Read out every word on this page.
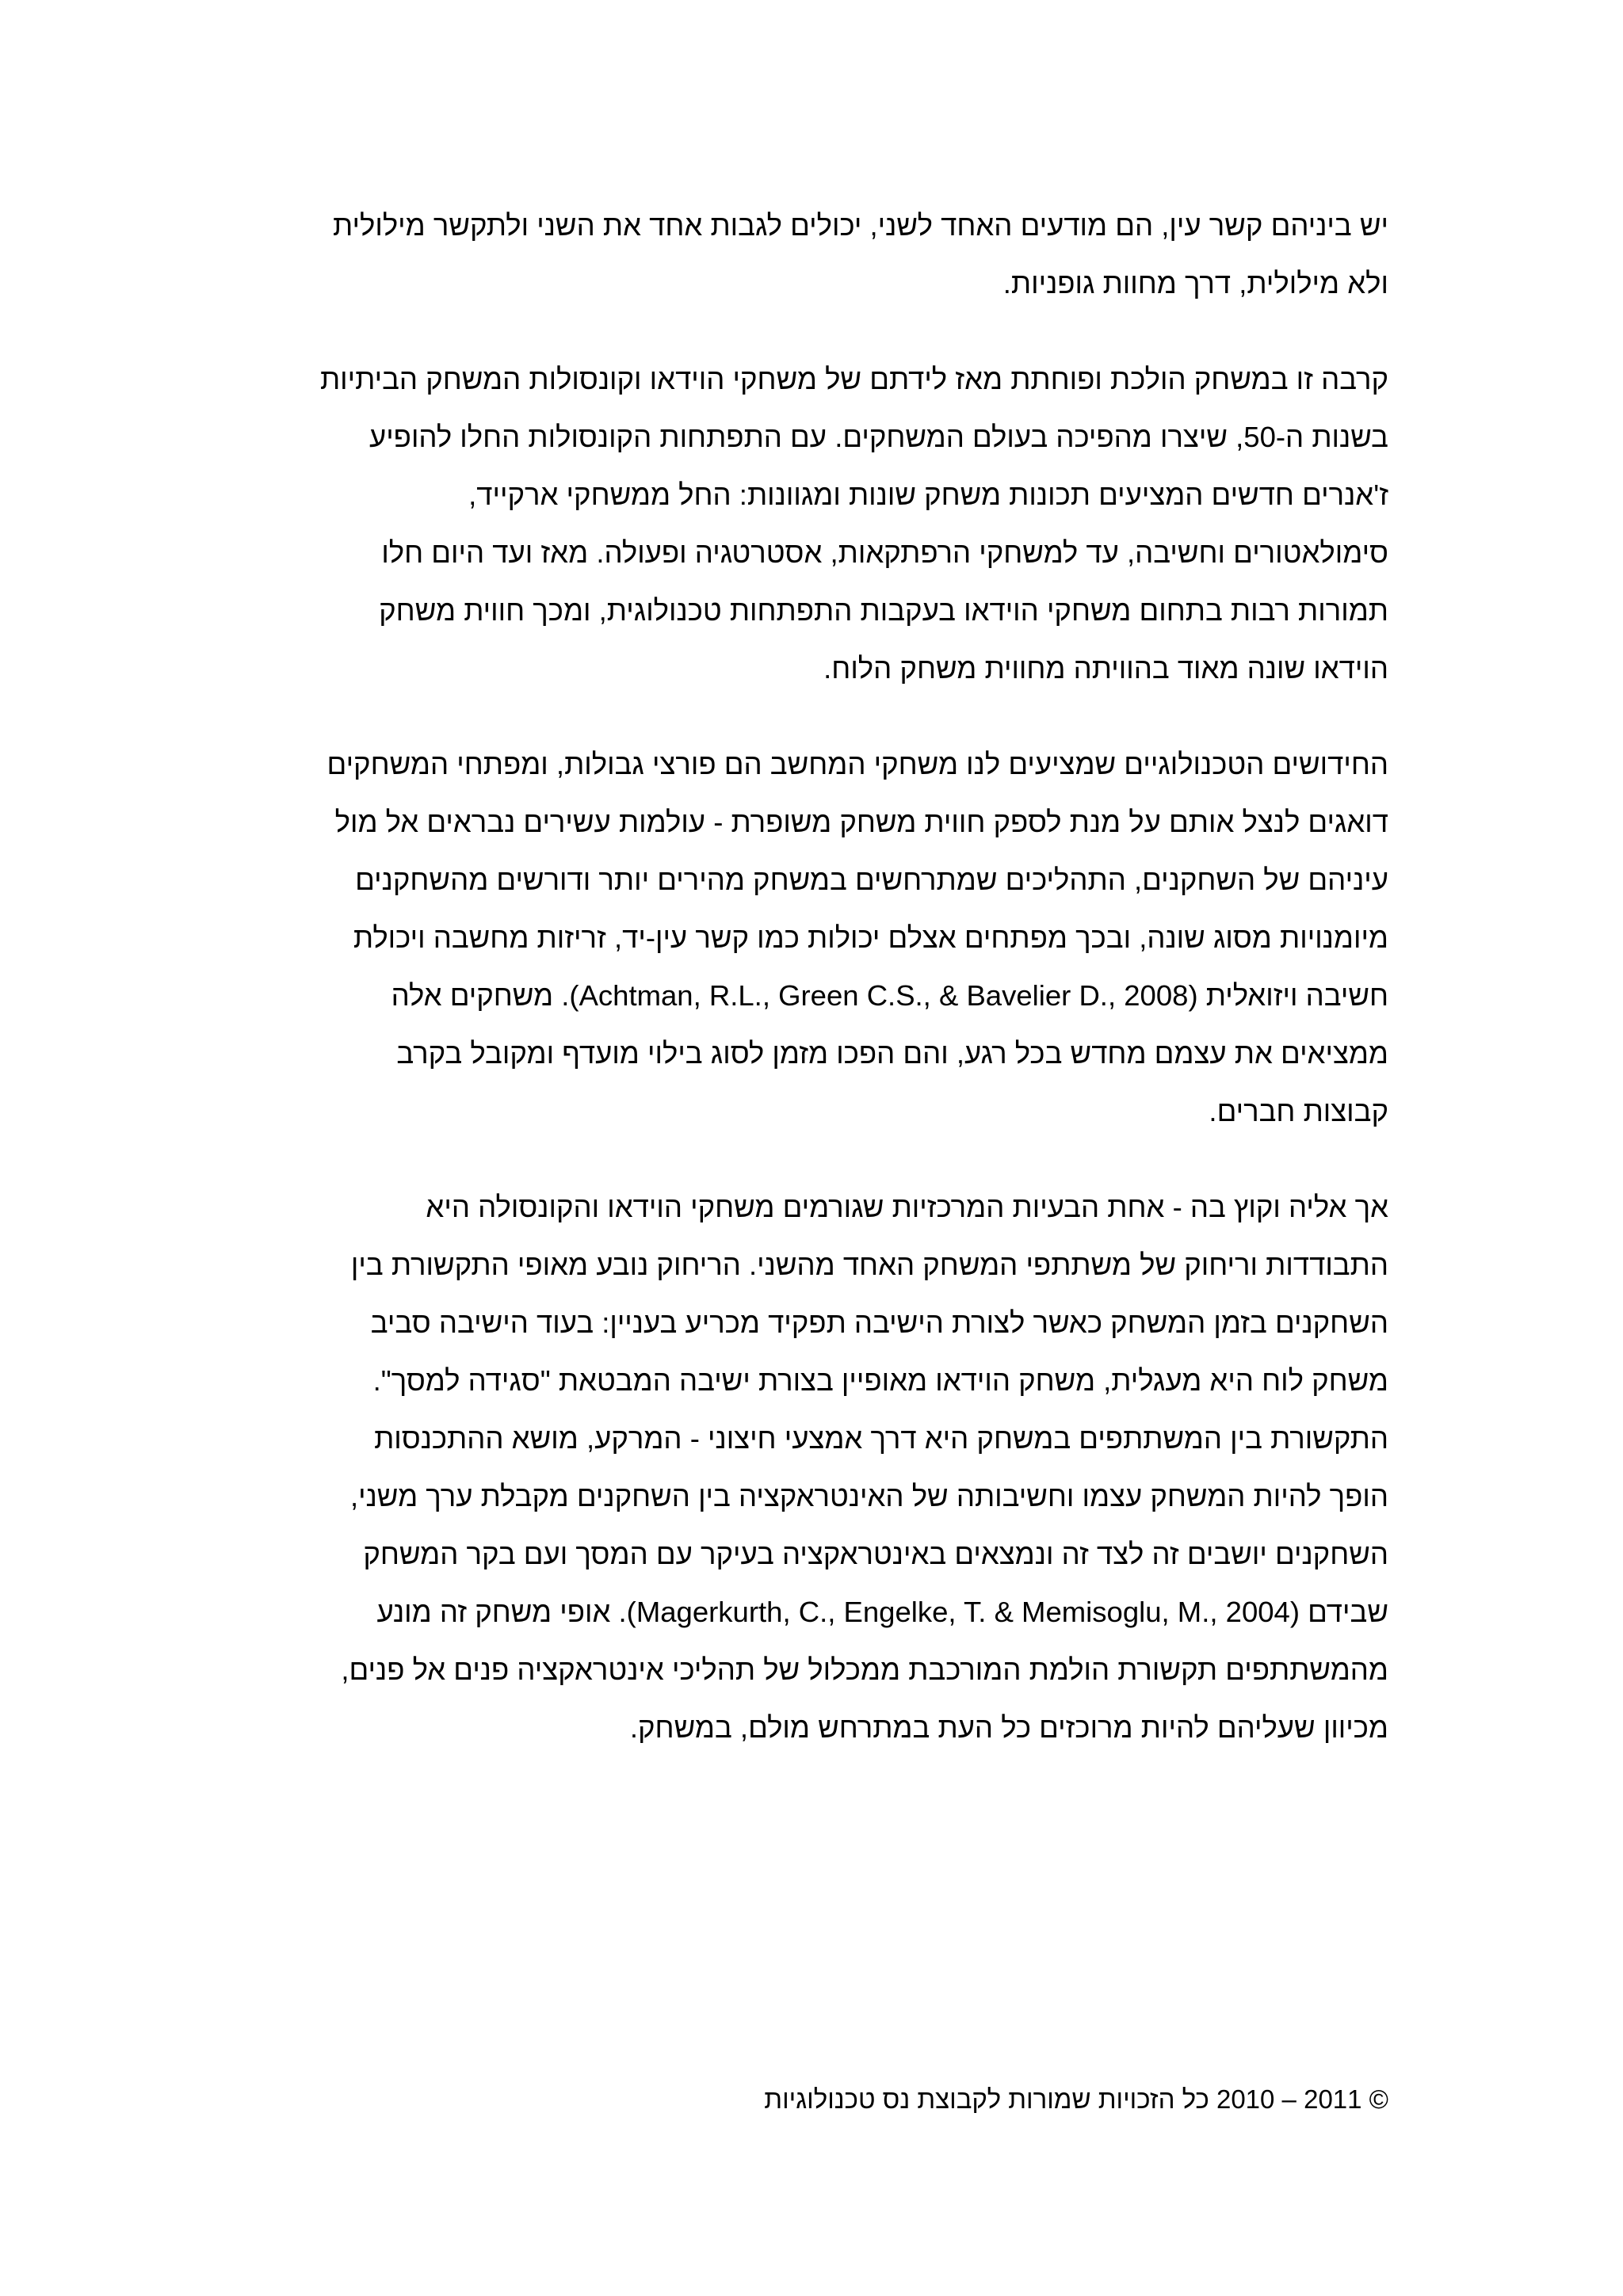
יש ביניהם קשר עין, הם מודעים האחד לשני, יכולים לגבות אחד את השני ולתקשר מילולית
ולא מילולית, דרך מחוות גופניות.

קרבה זו במשחק הולכת ופוחתת מאז לידתם של משחקי הוידאו וקונסולות המשחק הביתיות
בשנות ה-50, שיצרו מהפיכה בעולם המשחקים. עם התפתחות הקונסולות החלו להופיע
ז'אנרים חדשים המציעים תכונות משחק שונות ומגוונות: החל ממשחקי ארקייד,
סימולאטורים וחשיבה, עד למשחקי הרפתקאות, אסטרטגיה ופעולה. מאז ועד היום חלו
תמורות רבות בתחום משחקי הוידאו בעקבות התפתחות טכנולוגית, ומכך חווית משחק
הוידאו שונה מאוד בהוויתה מחווית משחק הלוח.

החידושים הטכנולוגיים שמציעים לנו משחקי המחשב הם פורצי גבולות, ומפתחי המשחקים
דואגים לנצל אותם על מנת לספק חווית משחק משופרת - עולמות עשירים נבראים אל מול
עיניהם של השחקנים, התהליכים שמתרחשים במשחק מהירים יותר ודורשים מהשחקנים
מיומנויות מסוג שונה, ובכך מפתחים אצלם יכולות כמו קשר עין-יד, זריזות מחשבה ויכולת
חשיבה ויזואלית (Achtman, R.L., Green C.S., & Bavelier D., 2008). משחקים אלה
ממציאים את עצמם מחדש בכל רגע, והם הפכו מזמן לסוג בילוי מועדף ומקובל בקרב
קבוצות חברים.

אך אליה וקוץ בה - אחת הבעיות המרכזיות שגורמים משחקי הוידאו והקונסולה היא
התבודדות וריחוק של משתתפי המשחק האחד מהשני. הריחוק נובע מאופי התקשורת בין
השחקנים בזמן המשחק כאשר לצורת הישיבה תפקיד מכריע בעניין: בעוד הישיבה סביב
משחק לוח היא מעגלית, משחק הוידאו מאופיין בצורת ישיבה המבטאת "סגידה למסך".
התקשורת בין המשתתפים במשחק היא דרך אמצעי חיצוני - המרקע, מושא ההתכנסות
הופך להיות המשחק עצמו וחשיבותה של האינטראקציה בין השחקנים מקבלת ערך משני,
השחקנים יושבים זה לצד זה ונמצאים באינטראקציה בעיקר עם המסך ועם בקר המשחק
שבידם (Magerkurth, C., Engelke, T. & Memisoglu, M., 2004). אופי משחק זה מונע
מהמשתתפים תקשורת הולמת המורכבת ממכלול של תהליכי אינטראקציה פנים אל פנים,
מכיוון שעליהם להיות מרוכזים כל העת במתרחש מולם, במשחק.

© 2011 – 2010 כל הזכויות שמורות לקבוצת נס טכנולוגיות
